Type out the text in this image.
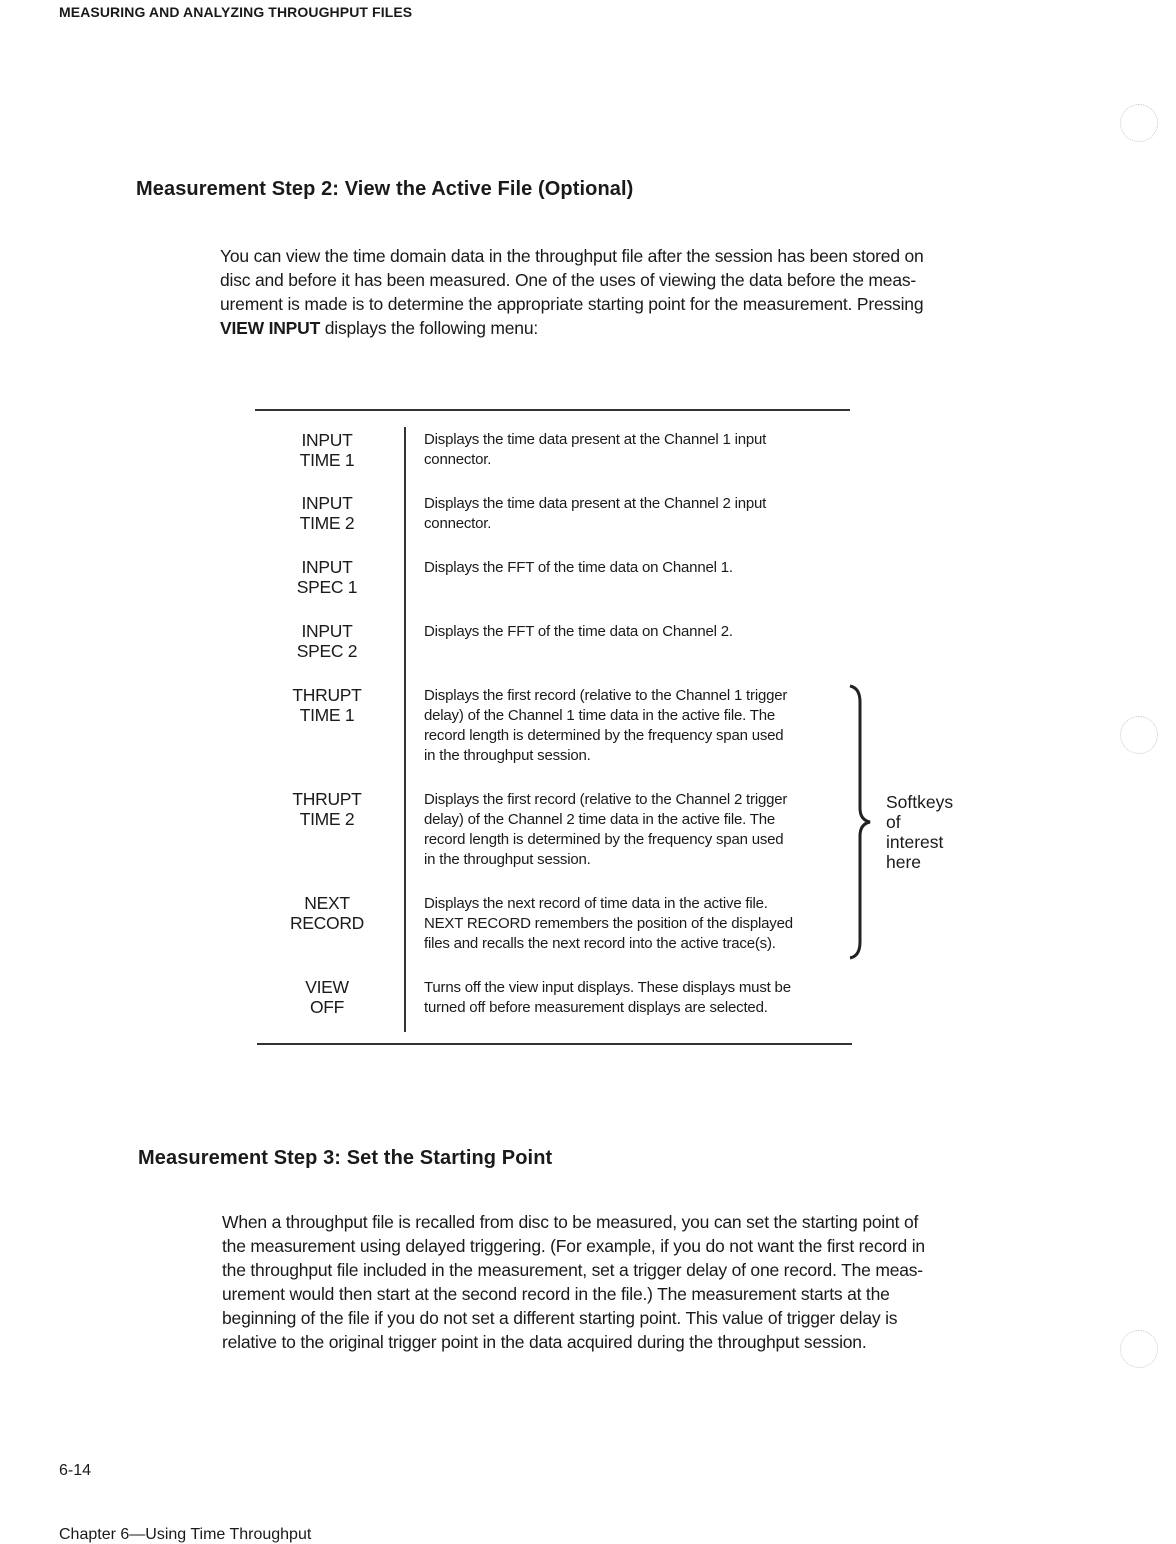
MEASURING AND ANALYZING THROUGHPUT FILES
Measurement Step 2: View the Active File (Optional)
You can view the time domain data in the throughput file after the session has been stored on
disc and before it has been measured. One of the uses of viewing the data before the meas-
urement is made is to determine the appropriate starting point for the measurement. Pressing
VIEW INPUT displays the following menu:
INPUT
TIME 1
Displays the time data present at the Channel 1 input
connector.
INPUT
TIME 2
Displays the time data present at the Channel 2 input
connector.
INPUT
SPEC 1
Displays the FFT of the time data on Channel 1.
INPUT
SPEC 2
Displays the FFT of the time data on Channel 2.
THRUPT
TIME 1
Displays the first record (relative to the Channel 1 trigger
delay) of the Channel 1 time data in the active file. The
record length is determined by the frequency span used
in the throughput session.
THRUPT
TIME 2
Displays the first record (relative to the Channel 2 trigger
delay) of the Channel 2 time data in the active file. The
record length is determined by the frequency span used
in the throughput session.
NEXT
RECORD
Displays the next record of time data in the active file.
NEXT RECORD remembers the position of the displayed
files and recalls the next record into the active trace(s).
VIEW
OFF
Turns off the view input displays. These displays must be
turned off before measurement displays are selected.
Softkeys
of
interest
here
Measurement Step 3: Set the Starting Point
When a throughput file is recalled from disc to be measured, you can set the starting point of
the measurement using delayed triggering. (For example, if you do not want the first record in
the throughput file included in the measurement, set a trigger delay of one record. The meas-
urement would then start at the second record in the file.) The measurement starts at the
beginning of the file if you do not set a different starting point. This value of trigger delay is
relative to the original trigger point in the data acquired during the throughput session.
6-14
Chapter 6—Using Time Throughput
